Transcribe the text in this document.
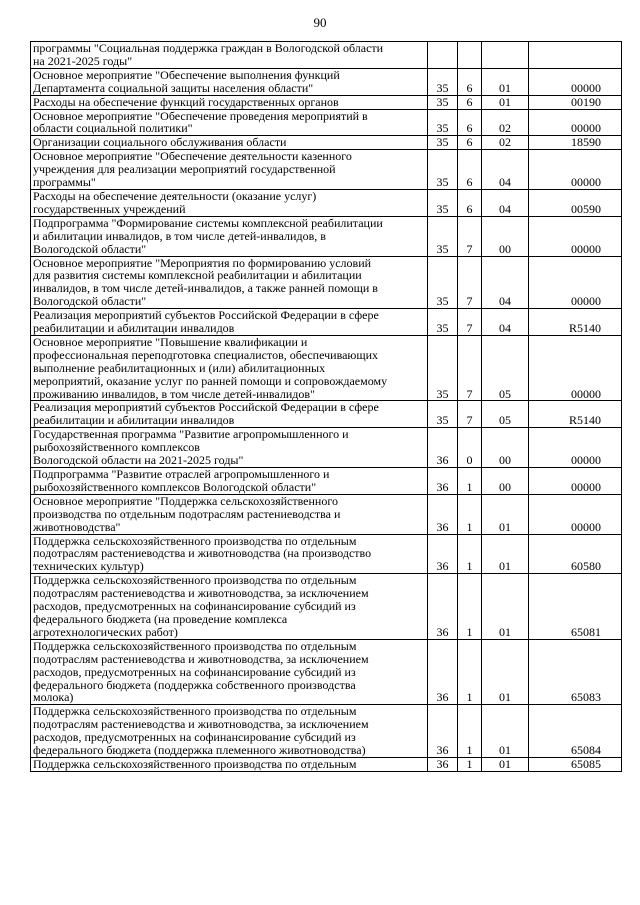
90
программы "Социальная поддержка граждан в Вологодской области
на 2021-2025 годы"				
Основное мероприятие "Обеспечение выполнения функций
Департамента социальной защиты населения области"	35	6	01	00000
Расходы на обеспечение функций государственных органов	35	6	01	00190
Основное мероприятие "Обеспечение проведения мероприятий в
области социальной политики"	35	6	02	00000
Организации социального обслуживания области	35	6	02	18590
Основное мероприятие "Обеспечение деятельности казенного
учреждения для реализации мероприятий государственной
программы"	35	6	04	00000
Расходы на обеспечение деятельности (оказание услуг)
государственных учреждений	35	6	04	00590
Подпрограмма "Формирование системы комплексной реабилитации
и абилитации инвалидов, в том числе детей-инвалидов, в
Вологодской области"	35	7	00	00000
Основное мероприятие "Мероприятия по формированию условий
для развития системы комплексной реабилитации и абилитации
инвалидов, в том числе детей-инвалидов, а также ранней помощи в
Вологодской области"	35	7	04	00000
Реализация мероприятий субъектов Российской Федерации в сфере
реабилитации и абилитации инвалидов	35	7	04	R5140
Основное мероприятие "Повышение квалификации и
профессиональная переподготовка специалистов, обеспечивающих
выполнение реабилитационных и (или) абилитационных
мероприятий, оказание услуг по ранней помощи и сопровождаемому
проживанию инвалидов, в том числе детей-инвалидов"	35	7	05	00000
Реализация мероприятий субъектов Российской Федерации в сфере
реабилитации и абилитации инвалидов	35	7	05	R5140
Государственная программа "Развитие агропромышленного и
рыбохозяйственного комплексов
Вологодской области на 2021-2025 годы"	36	0	00	00000
Подпрограмма "Развитие отраслей агропромышленного и
рыбохозяйственного комплексов Вологодской области"	36	1	00	00000
Основное мероприятие "Поддержка сельскохозяйственного
производства по отдельным подотраслям растениеводства и
животноводства"	36	1	01	00000
Поддержка сельскохозяйственного производства по отдельным
подотраслям растениеводства и животноводства (на производство
технических культур)	36	1	01	60580
Поддержка сельскохозяйственного производства по отдельным
подотраслям растениеводства и животноводства, за исключением
расходов, предусмотренных на софинансирование субсидий из
федерального бюджета (на проведение комплекса
агротехнологических работ)	36	1	01	65081
Поддержка сельскохозяйственного производства по отдельным
подотраслям растениеводства и животноводства, за исключением
расходов, предусмотренных на софинансирование субсидий из
федерального бюджета (поддержка собственного производства
молока)	36	1	01	65083
Поддержка сельскохозяйственного производства по отдельным
подотраслям растениеводства и животноводства, за исключением
расходов, предусмотренных на софинансирование субсидий из
федерального бюджета (поддержка племенного животноводства)	36	1	01	65084
Поддержка сельскохозяйственного производства по отдельным	36	1	01	65085
